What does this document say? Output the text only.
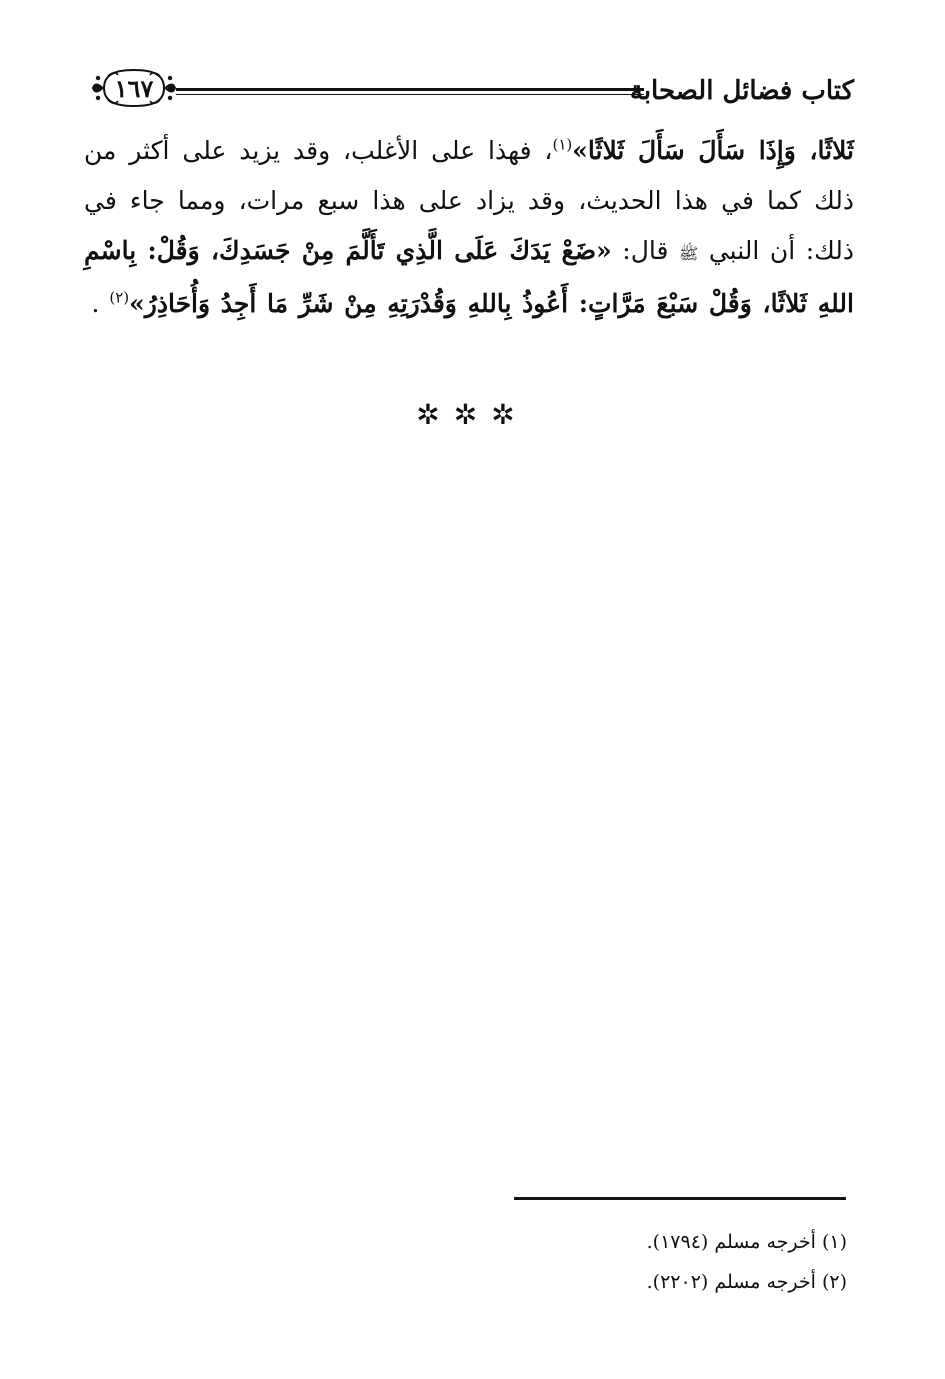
١٦٧	كتاب فضائل الصحابة

ثَلاثًا، وَإِذَا سَأَلَ سَأَلَ ثَلاثًا»$^{(١)}$، فهذا على الأغلب، وقد يزيد على أكثر من ذلك كما في هذا الحديث، وقد يزاد على هذا سبع مرات، ومما جاء في ذلك: أن النبي ﷺ قال: «ضَعْ يَدَكَ عَلَى الَّذِي تَأَلَّمَ مِنْ جَسَدِكَ، وَقُلْ: بِاسْمِ اللهِ ثَلاثًا، وَقُلْ سَبْعَ مَرَّاتٍ: أَعُوذُ بِاللهِ وَقُدْرَتِهِ مِنْ شَرِّ مَا أَجِدُ وَأُحَاذِرُ»$^{(٢)}$ .

✲✲✲

(١) أخرجه مسلم (١٧٩٤).

(٢) أخرجه مسلم (٢٢٠٢).
